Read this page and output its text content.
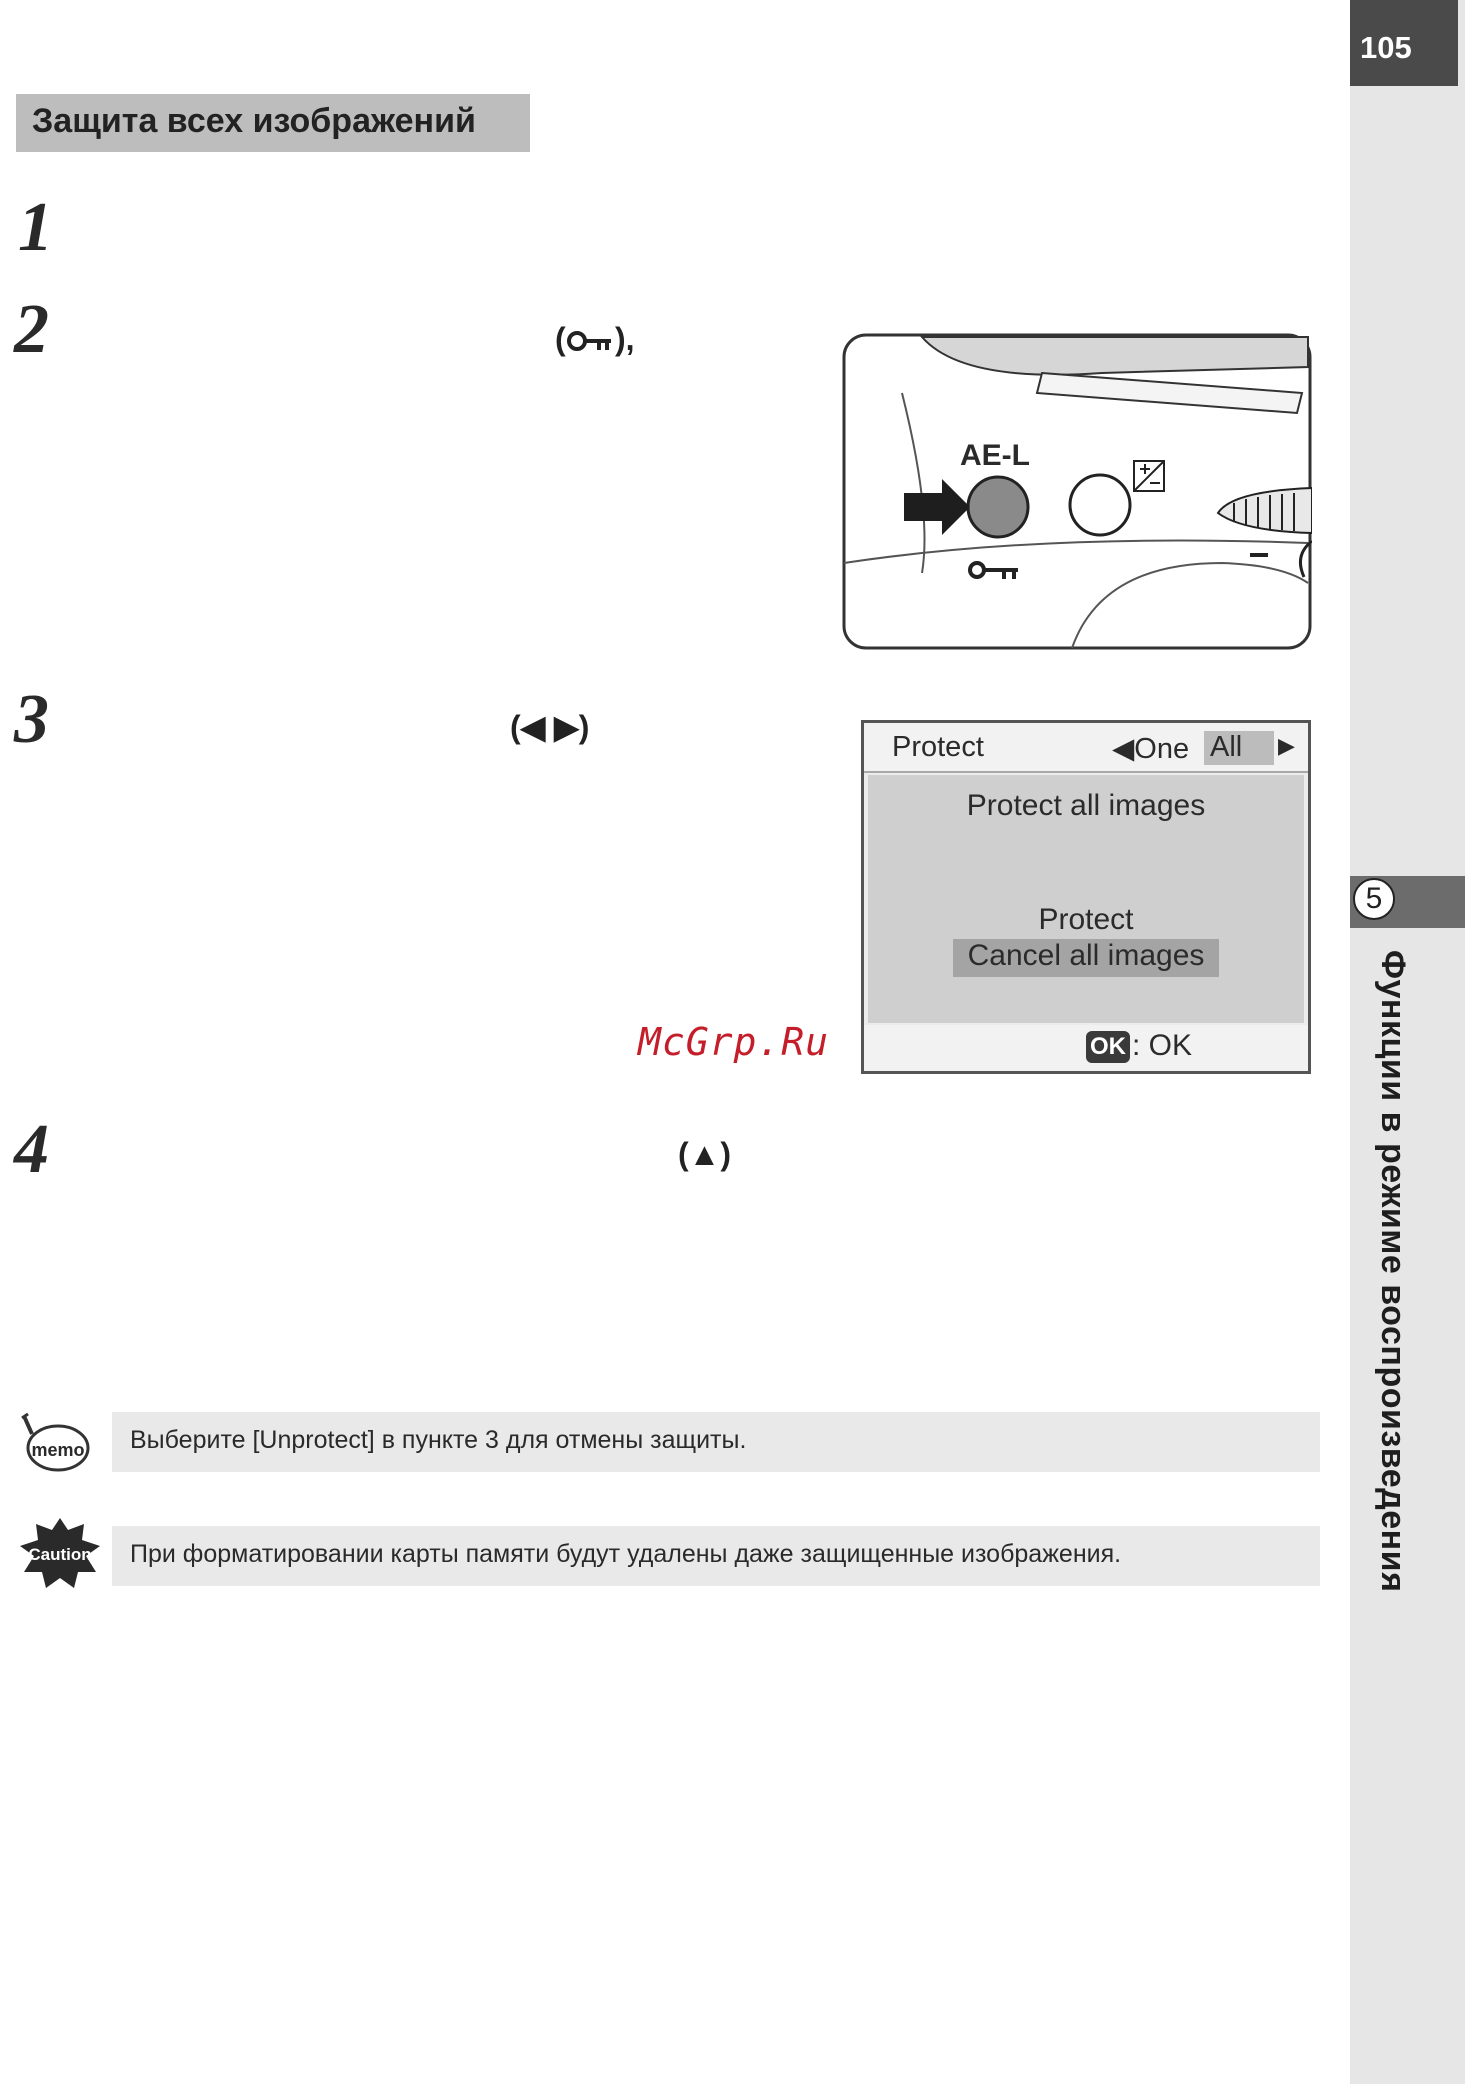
105
5
Функции в режиме воспроизведения
Защита всех изображений
1
2	( ),
AE-L
3	(◀ ▶)
Protect	◀One All ▶
Protect all images
Protect
Cancel all images
OK : OK
McGrp.Ru
4	(▲)
memo Выберите [Unprotect] в пункте 3 для отмены защиты.
Caution При форматировании карты памяти будут удалены даже защищенные изображения.
